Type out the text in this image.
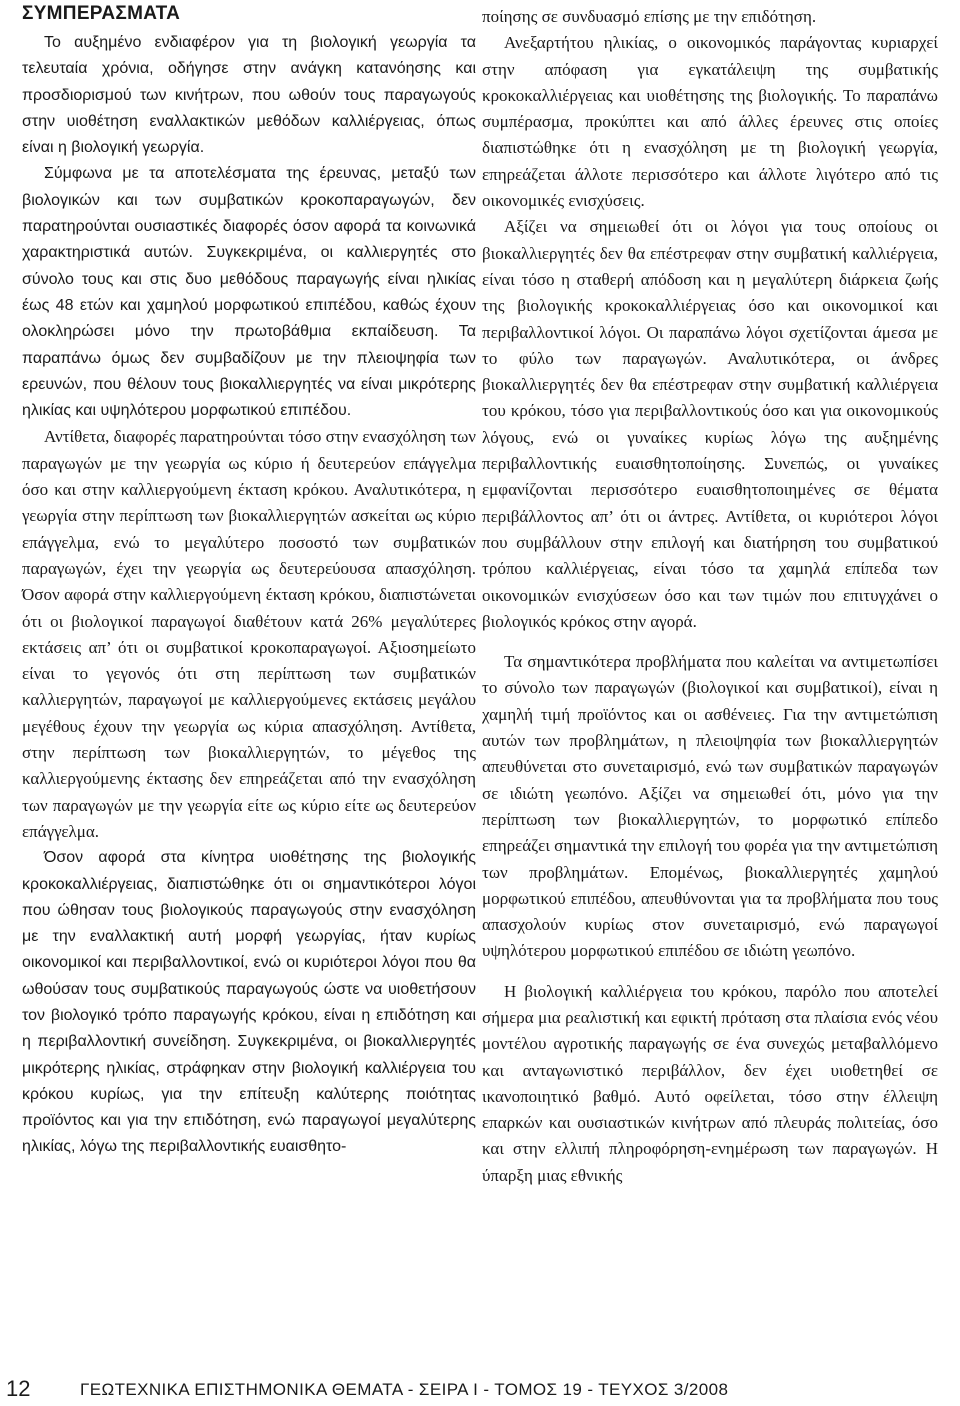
ΣΥΜΠΕΡΑΣΜΑΤΑ

Το αυξημένο ενδιαφέρον για τη βιολογική γεωργία τα τελευταία χρόνια, οδήγησε στην ανάγκη κατανόησης και προσδιορισμού των κινήτρων, που ωθούν τους παραγωγούς στην υιοθέτηση εναλλακτικών μεθόδων καλλιέργειας, όπως είναι η βιολογική γεωργία.

Σύμφωνα με τα αποτελέσματα της έρευνας, μεταξύ των βιολογικών και των συμβατικών κροκοπαραγωγών, δεν παρατηρούνται ουσιαστικές διαφορές όσον αφορά τα κοινωνικά χαρακτηριστικά αυτών. Συγκεκριμένα, οι καλλιεργητές στο σύνολο τους και στις δυο μεθόδους παραγωγής είναι ηλικίας έως 48 ετών και χαμηλού μορφωτικού επιπέδου, καθώς έχουν ολοκληρώσει μόνο την πρωτοβάθμια εκπαίδευση. Τα παραπάνω όμως δεν συμβαδίζουν με την πλειοψηφία των ερευνών, που θέλουν τους βιοκαλλιεργητές να είναι μικρότερης ηλικίας και υψηλότερου μορφωτικού επιπέδου.

Αντίθετα, διαφορές παρατηρούνται τόσο στην ενασχόληση των παραγωγών με την γεωργία ως κύριο ή δευτερεύον επάγγελμα όσο και στην καλλιεργούμενη έκταση κρόκου. Αναλυτικότερα, η γεωργία στην περίπτωση των βιοκαλλιεργητών ασκείται ως κύριο επάγγελμα, ενώ το μεγαλύτερο ποσοστό των συμβατικών παραγωγών, έχει την γεωργία ως δευτερεύουσα απασχόληση. Όσον αφορά στην καλλιεργούμενη έκταση κρόκου, διαπιστώνεται ότι οι βιολογικοί παραγωγοί διαθέτουν κατά 26% μεγαλύτερες εκτάσεις απ’ ότι οι συμβατικοί κροκοπαραγωγοί. Αξιοσημείωτο είναι το γεγονός ότι στη περίπτωση των συμβατικών καλλιεργητών, παραγωγοί με καλλιεργούμενες εκτάσεις μεγάλου μεγέθους έχουν την γεωργία ως κύρια απασχόληση. Αντίθετα, στην περίπτωση των βιοκαλλιεργητών, το μέγεθος της καλλιεργούμενης έκτασης δεν επηρεάζεται από την ενασχόληση των παραγωγών με την γεωργία είτε ως κύριο είτε ως δευτερεύον επάγγελμα.

Όσον αφορά στα κίνητρα υιοθέτησης της βιολογικής κροκοκαλλιέργειας, διαπιστώθηκε ότι οι σημαντικότεροι λόγοι που ώθησαν τους βιολογικούς παραγωγούς στην ενασχόληση με την εναλλακτική αυτή μορφή γεωργίας, ήταν κυρίως οικονομικοί και περιβαλλοντικοί, ενώ οι κυριότεροι λόγοι που θα ωθούσαν τους συμβατικούς παραγωγούς ώστε να υιοθετήσουν τον βιολογικό τρόπο παραγωγής κρόκου, είναι η επιδότηση και η περιβαλλοντική συνείδηση. Συγκεκριμένα, οι βιοκαλλιεργητές μικρότερης ηλικίας, στράφηκαν στην βιολογική καλλιέργεια του κρόκου κυρίως, για την επίτευξη καλύτερης ποιότητας προϊόντος και για την επιδότηση, ενώ παραγωγοί μεγαλύτερης ηλικίας, λόγω της περιβαλλοντικής ευαισθητο-

ποίησης σε συνδυασμό επίσης με την επιδότηση.

Ανεξαρτήτου ηλικίας, ο οικονομικός παράγοντας κυριαρχεί στην απόφαση για εγκατάλειψη της συμβατικής κροκοκαλλιέργειας και υιοθέτησης της βιολογικής. Το παραπάνω συμπέρασμα, προκύπτει και από άλλες έρευνες στις οποίες διαπιστώθηκε ότι η ενασχόληση με τη βιολογική γεωργία, επηρεάζεται άλλοτε περισσότερο και άλλοτε λιγότερο από τις οικονομικές ενισχύσεις.

Αξίζει να σημειωθεί ότι οι λόγοι για τους οποίους οι βιοκαλλιεργητές δεν θα επέστρεφαν στην συμβατική καλλιέργεια, είναι τόσο η σταθερή απόδοση και η μεγαλύτερη διάρκεια ζωής της βιολογικής κροκοκαλλιέργειας όσο και οικονομικοί και περιβαλλοντικοί λόγοι. Οι παραπάνω λόγοι σχετίζονται άμεσα με το φύλο των παραγωγών. Αναλυτικότερα, οι άνδρες βιοκαλλιεργητές δεν θα επέστρεφαν στην συμβατική καλλιέργεια του κρόκου, τόσο για περιβαλλοντικούς όσο και για οικονομικούς λόγους, ενώ οι γυναίκες κυρίως λόγω της αυξημένης περιβαλλοντικής ευαισθητοποίησης. Συνεπώς, οι γυναίκες εμφανίζονται περισσότερο ευαισθητοποιημένες σε θέματα περιβάλλοντος απ’ ότι οι άντρες. Αντίθετα, οι κυριότεροι λόγοι που συμβάλλουν στην επιλογή και διατήρηση του συμβατικού τρόπου καλλιέργειας, είναι τόσο τα χαμηλά επίπεδα των οικονομικών ενισχύσεων όσο και των τιμών που επιτυγχάνει ο βιολογικός κρόκος στην αγορά.

Τα σημαντικότερα προβλήματα που καλείται να αντιμετωπίσει το σύνολο των παραγωγών (βιολογικοί και συμβατικοί), είναι η χαμηλή τιμή προϊόντος και οι ασθένειες. Για την αντιμετώπιση αυτών των προβλημάτων, η πλειοψηφία των βιοκαλλιεργητών απευθύνεται στο συνεταιρισμό, ενώ των συμβατικών παραγωγών σε ιδιώτη γεωπόνο. Αξίζει να σημειωθεί ότι, μόνο για την περίπτωση των βιοκαλλιεργητών, το μορφωτικό επίπεδο επηρεάζει σημαντικά την επιλογή του φορέα για την αντιμετώπιση των προβλημάτων. Επομένως, βιοκαλλιεργητές χαμηλού μορφωτικού επιπέδου, απευθύνονται για τα προβλήματα που τους απασχολούν κυρίως στον συνεταιρισμό, ενώ παραγωγοί υψηλότερου μορφωτικού επιπέδου σε ιδιώτη γεωπόνο.

Η βιολογική καλλιέργεια του κρόκου, παρόλο που αποτελεί σήμερα μια ρεαλιστική και εφικτή πρόταση στα πλαίσια ενός νέου μοντέλου αγροτικής παραγωγής σε ένα συνεχώς μεταβαλλόμενο και ανταγωνιστικό περιβάλλον, δεν έχει υιοθετηθεί σε ικανοποιητικό βαθμό. Αυτό οφείλεται, τόσο στην έλλειψη επαρκών και ουσιαστικών κινήτρων από πλευράς πολιτείας, όσο και στην ελλιπή πληροφόρηση-ενημέρωση των παραγωγών. Η ύπαρξη μιας εθνικής

12	ΓΕΩΤΕΧΝΙΚΑ ΕΠΙΣΤΗΜΟΝΙΚΑ ΘΕΜΑΤΑ - ΣΕΙΡΑ Ι - ΤΟΜΟΣ 19 - ΤΕΥΧΟΣ 3/2008
